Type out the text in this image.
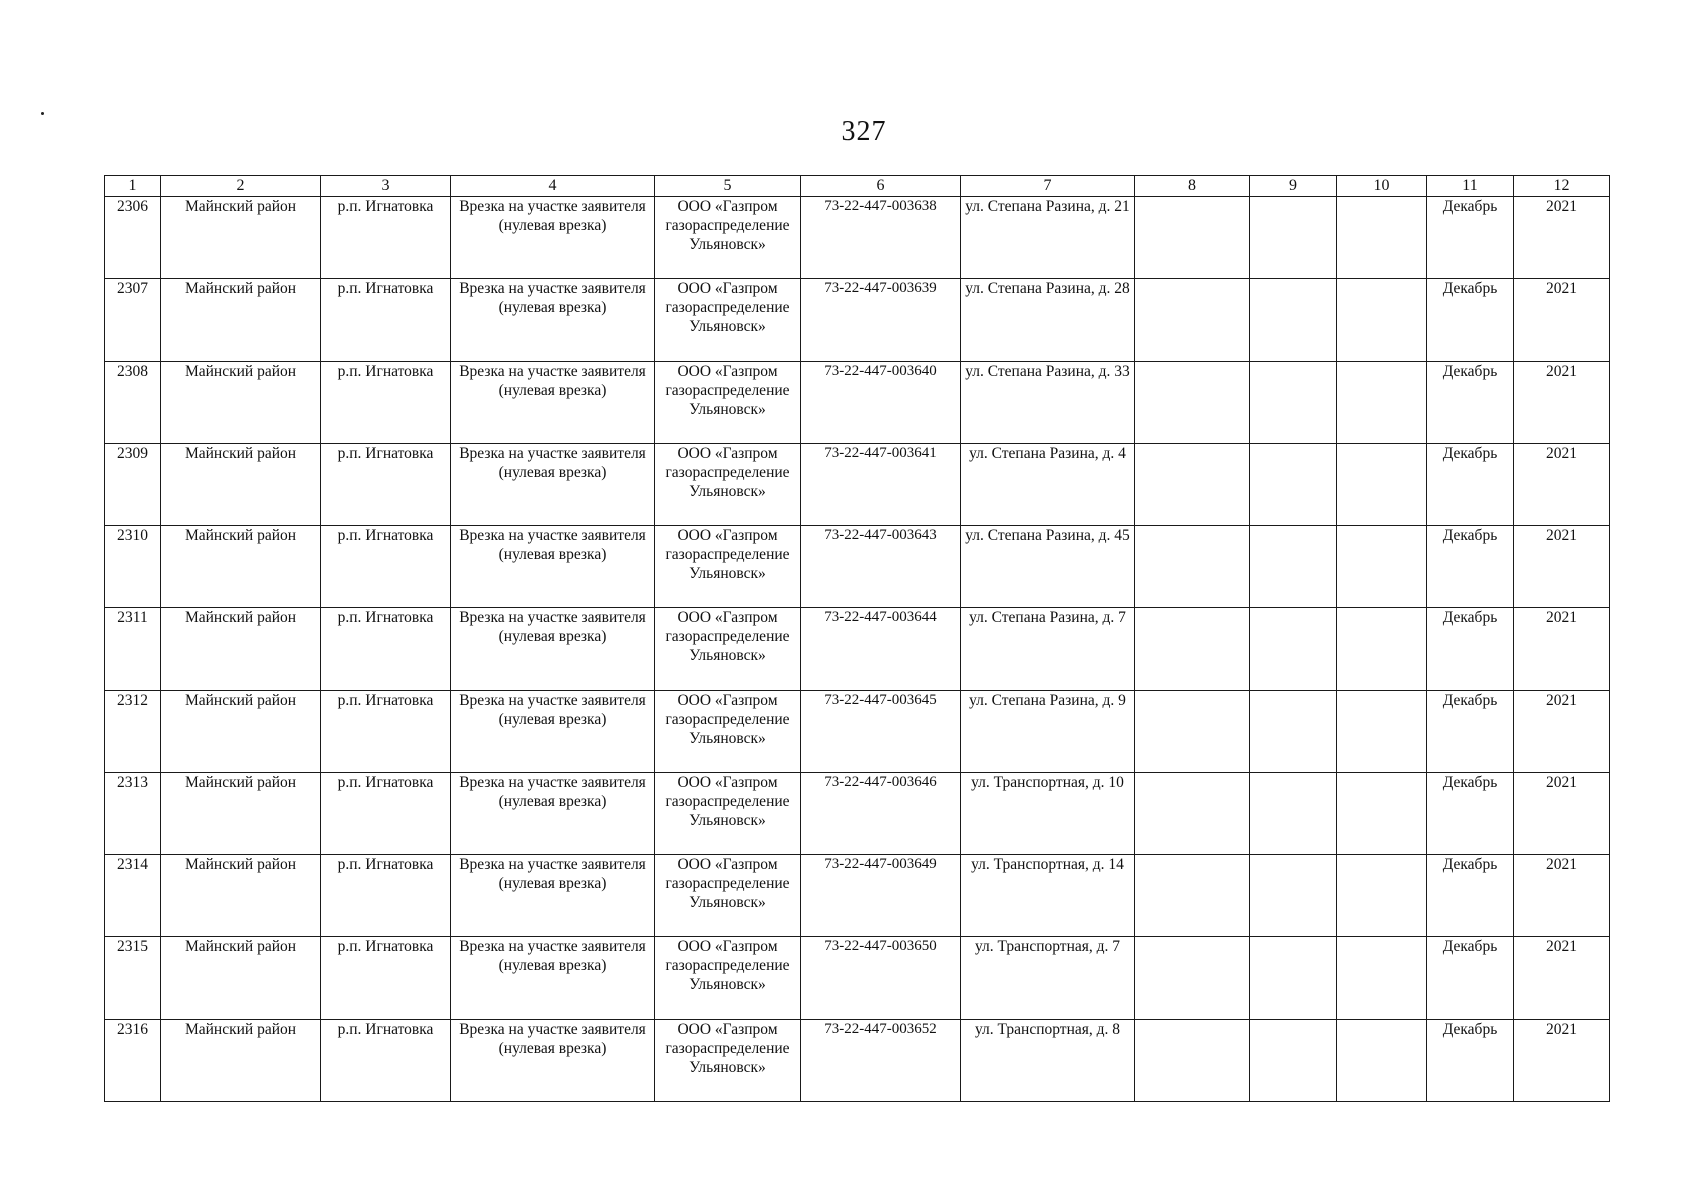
327
1	2	3	4	5	6	7	8	9	10	11	12
2306	Майнский район	р.п. Игнатовка	Врезка на участке заявителя (нулевая врезка)	ООО «Газпром газораспределение Ульяновск»	73-22-447-003638	ул. Степана Разина, д. 21				Декабрь	2021
2307	Майнский район	р.п. Игнатовка	Врезка на участке заявителя (нулевая врезка)	ООО «Газпром газораспределение Ульяновск»	73-22-447-003639	ул. Степана Разина, д. 28				Декабрь	2021
2308	Майнский район	р.п. Игнатовка	Врезка на участке заявителя (нулевая врезка)	ООО «Газпром газораспределение Ульяновск»	73-22-447-003640	ул. Степана Разина, д. 33				Декабрь	2021
2309	Майнский район	р.п. Игнатовка	Врезка на участке заявителя (нулевая врезка)	ООО «Газпром газораспределение Ульяновск»	73-22-447-003641	ул. Степана Разина, д. 4				Декабрь	2021
2310	Майнский район	р.п. Игнатовка	Врезка на участке заявителя (нулевая врезка)	ООО «Газпром газораспределение Ульяновск»	73-22-447-003643	ул. Степана Разина, д. 45				Декабрь	2021
2311	Майнский район	р.п. Игнатовка	Врезка на участке заявителя (нулевая врезка)	ООО «Газпром газораспределение Ульяновск»	73-22-447-003644	ул. Степана Разина, д. 7				Декабрь	2021
2312	Майнский район	р.п. Игнатовка	Врезка на участке заявителя (нулевая врезка)	ООО «Газпром газораспределение Ульяновск»	73-22-447-003645	ул. Степана Разина, д. 9				Декабрь	2021
2313	Майнский район	р.п. Игнатовка	Врезка на участке заявителя (нулевая врезка)	ООО «Газпром газораспределение Ульяновск»	73-22-447-003646	ул. Транспортная, д. 10				Декабрь	2021
2314	Майнский район	р.п. Игнатовка	Врезка на участке заявителя (нулевая врезка)	ООО «Газпром газораспределение Ульяновск»	73-22-447-003649	ул. Транспортная, д. 14				Декабрь	2021
2315	Майнский район	р.п. Игнатовка	Врезка на участке заявителя (нулевая врезка)	ООО «Газпром газораспределение Ульяновск»	73-22-447-003650	ул. Транспортная, д. 7				Декабрь	2021
2316	Майнский район	р.п. Игнатовка	Врезка на участке заявителя (нулевая врезка)	ООО «Газпром газораспределение Ульяновск»	73-22-447-003652	ул. Транспортная, д. 8				Декабрь	2021
